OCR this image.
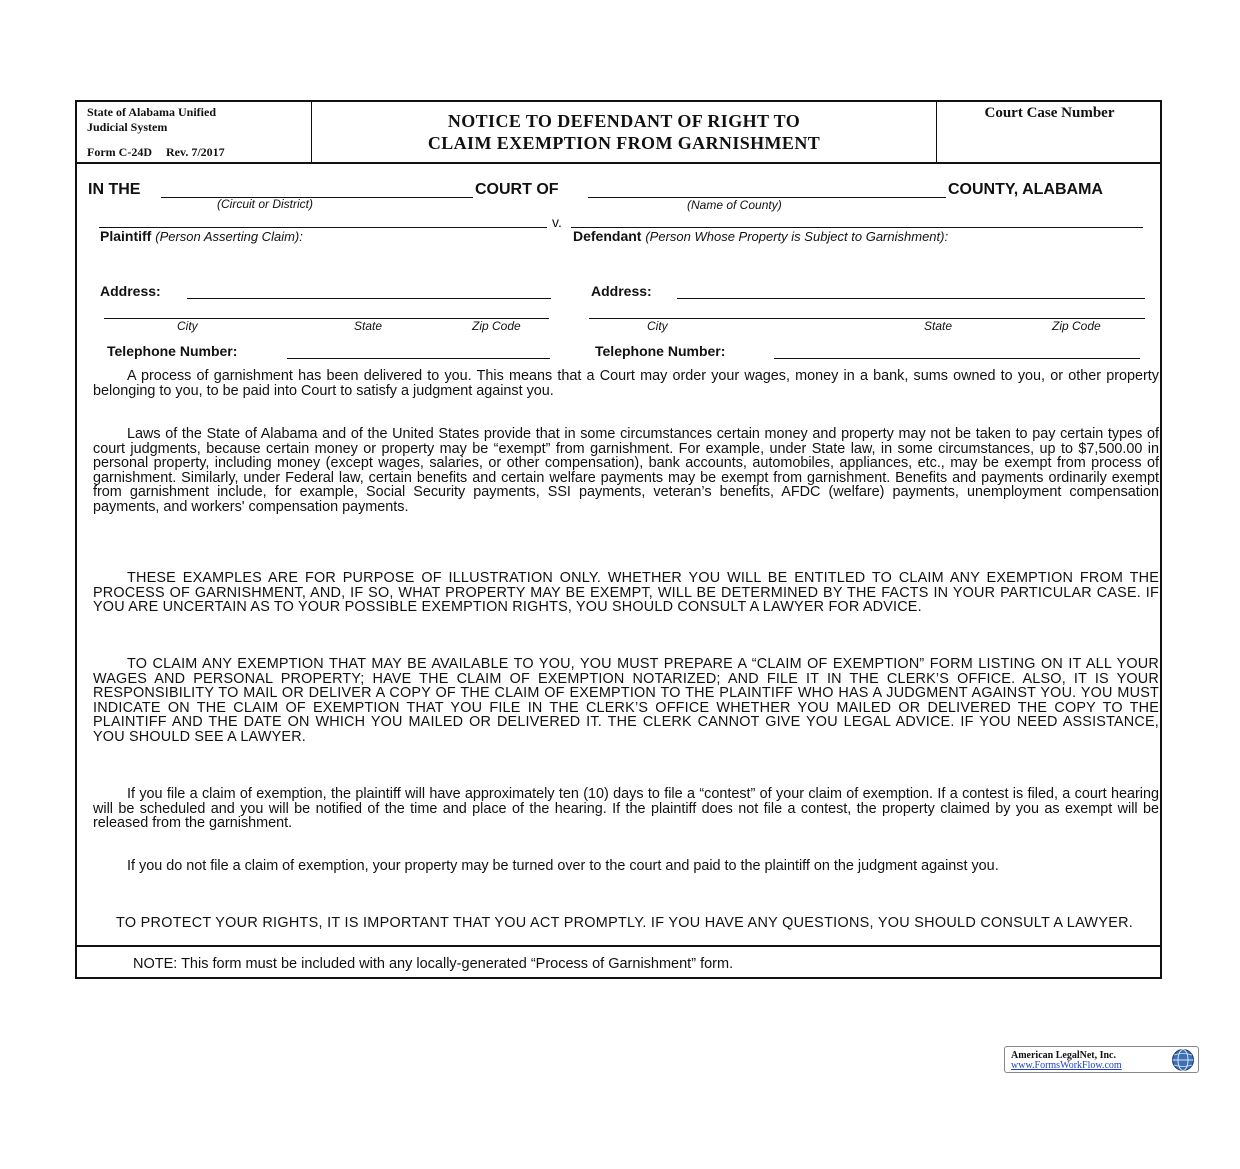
State of Alabama Unified
Judicial System
Form C-24D Rev. 7/2017
NOTICE TO DEFENDANT OF RIGHT TO
CLAIM EXEMPTION FROM GARNISHMENT
Court Case Number
IN THE	COURT OF	COUNTY, ALABAMA
(Circuit or District)	(Name of County)
v.
Plaintiff (Person Asserting Claim):	Defendant (Person Whose Property is Subject to Garnishment):
Address:	Address:
City	State	Zip Code	City	State	Zip Code
Telephone Number:	Telephone Number:
A process of garnishment has been delivered to you. This means that a Court may order your wages, money in a bank, sums owned to you, or other property belonging to you, to be paid into Court to satisfy a judgment against you.
Laws of the State of Alabama and of the United States provide that in some circumstances certain money and property may not be taken to pay certain types of court judgments, because certain money or property may be “exempt” from garnishment. For example, under State law, in some circumstances, up to $7,500.00 in personal property, including money (except wages, salaries, or other compensation), bank accounts, automobiles, appliances, etc., may be exempt from process of garnishment. Similarly, under Federal law, certain benefits and certain welfare payments may be exempt from garnishment. Benefits and payments ordinarily exempt from garnishment include, for example, Social Security payments, SSI payments, veteran’s benefits, AFDC (welfare) payments, unemployment compensation payments, and workers' compensation payments.
THESE EXAMPLES ARE FOR PURPOSE OF ILLUSTRATION ONLY. WHETHER YOU WILL BE ENTITLED TO CLAIM ANY EXEMPTION FROM THE PROCESS OF GARNISHMENT, AND, IF SO, WHAT PROPERTY MAY BE EXEMPT, WILL BE DETERMINED BY THE FACTS IN YOUR PARTICULAR CASE. IF YOU ARE UNCERTAIN AS TO YOUR POSSIBLE EXEMPTION RIGHTS, YOU SHOULD CONSULT A LAWYER FOR ADVICE.
TO CLAIM ANY EXEMPTION THAT MAY BE AVAILABLE TO YOU, YOU MUST PREPARE A “CLAIM OF EXEMPTION” FORM LISTING ON IT ALL YOUR WAGES AND PERSONAL PROPERTY; HAVE THE CLAIM OF EXEMPTION NOTARIZED; AND FILE IT IN THE CLERK’S OFFICE. ALSO, IT IS YOUR RESPONSIBILITY TO MAIL OR DELIVER A COPY OF THE CLAIM OF EXEMPTION TO THE PLAINTIFF WHO HAS A JUDGMENT AGAINST YOU. YOU MUST INDICATE ON THE CLAIM OF EXEMPTION THAT YOU FILE IN THE CLERK’S OFFICE WHETHER YOU MAILED OR DELIVERED THE COPY TO THE PLAINTIFF AND THE DATE ON WHICH YOU MAILED OR DELIVERED IT. THE CLERK CANNOT GIVE YOU LEGAL ADVICE. IF YOU NEED ASSISTANCE, YOU SHOULD SEE A LAWYER.
If you file a claim of exemption, the plaintiff will have approximately ten (10) days to file a “contest” of your claim of exemption. If a contest is filed, a court hearing will be scheduled and you will be notified of the time and place of the hearing. If the plaintiff does not file a contest, the property claimed by you as exempt will be released from the garnishment.
If you do not file a claim of exemption, your property may be turned over to the court and paid to the plaintiff on the judgment against you.
TO PROTECT YOUR RIGHTS, IT IS IMPORTANT THAT YOU ACT PROMPTLY. IF YOU HAVE ANY QUESTIONS, YOU SHOULD CONSULT A LAWYER.
NOTE: This form must be included with any locally-generated “Process of Garnishment” form.
American LegalNet, Inc.
www.FormsWorkFlow.com
